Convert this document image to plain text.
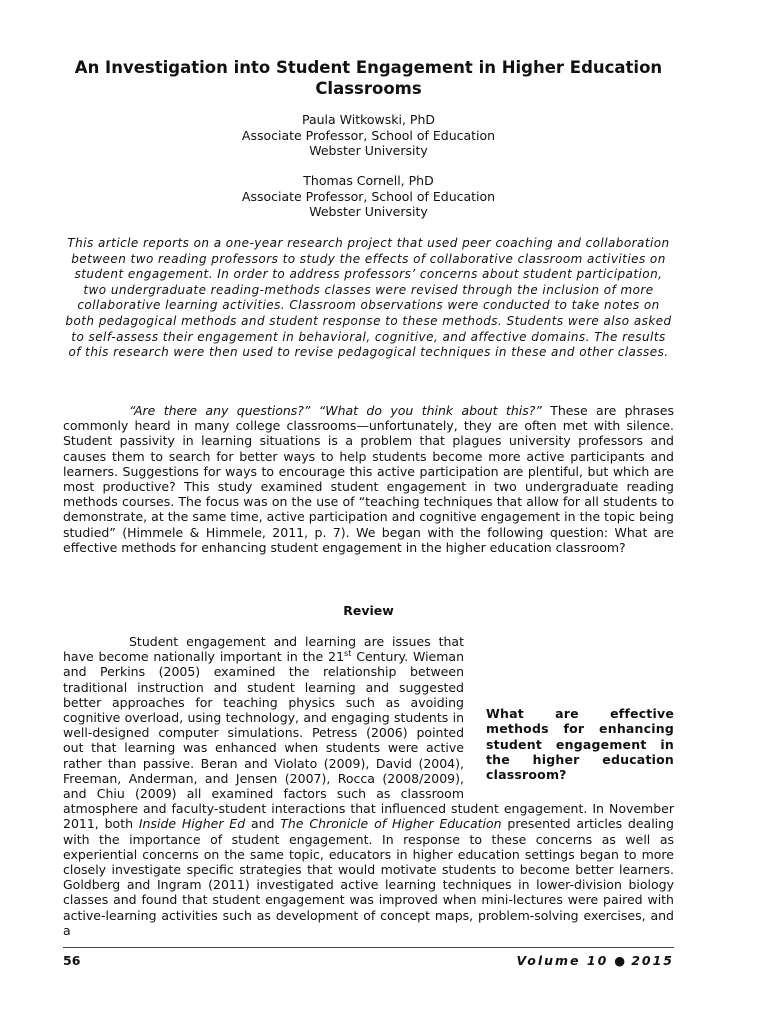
An Investigation into Student Engagement in Higher Education Classrooms
Paula Witkowski, PhD
Associate Professor, School of Education
Webster University
Thomas Cornell, PhD
Associate Professor, School of Education
Webster University

This article reports on a one-year research project that used peer coaching and collaboration between two reading professors to study the effects of collaborative classroom activities on student engagement. In order to address professors’ concerns about student participation, two undergraduate reading-methods classes were revised through the inclusion of more collaborative learning activities. Classroom observations were conducted to take notes on both pedagogical methods and student response to these methods. Students were also asked to self-assess their engagement in behavioral, cognitive, and affective domains. The results of this research were then used to revise pedagogical techniques in these and other classes.

“Are there any questions?” “What do you think about this?” These are phrases commonly heard in many college classrooms—unfortunately, they are often met with silence. Student passivity in learning situations is a problem that plagues university professors and causes them to search for better ways to help students become more active participants and learners. Suggestions for ways to encourage this active participation are plentiful, but which are most productive? This study examined student engagement in two undergraduate reading methods courses. The focus was on the use of “teaching techniques that allow for all students to demonstrate, at the same time, active participation and cognitive engagement in the topic being studied” (Himmele & Himmele, 2011, p. 7). We began with the following question: What are effective methods for enhancing student engagement in the higher education classroom?

Review
What are effective methods for enhancing student engagement in the higher education classroom?
Student engagement and learning are issues that have become nationally important in the 21st Century. Wieman and Perkins (2005) examined the relationship between traditional instruction and student learning and suggested better approaches for teaching physics such as avoiding cognitive overload, using technology, and engaging students in well-designed computer simulations. Petress (2006) pointed out that learning was enhanced when students were active rather than passive. Beran and Violato (2009), David (2004), Freeman, Anderman, and Jensen (2007), Rocca (2008/2009), and Chiu (2009) all examined factors such as classroom atmosphere and faculty-student interactions that influenced student engagement. In November 2011, both Inside Higher Ed and The Chronicle of Higher Education presented articles dealing with the importance of student engagement. In response to these concerns as well as experiential concerns on the same topic, educators in higher education settings began to more closely investigate specific strategies that would motivate students to become better learners. Goldberg and Ingram (2011) investigated active learning techniques in lower-division biology classes and found that student engagement was improved when mini-lectures were paired with active-learning activities such as development of concept maps, problem-solving exercises, and a
56	Volume 10 ● 2015
